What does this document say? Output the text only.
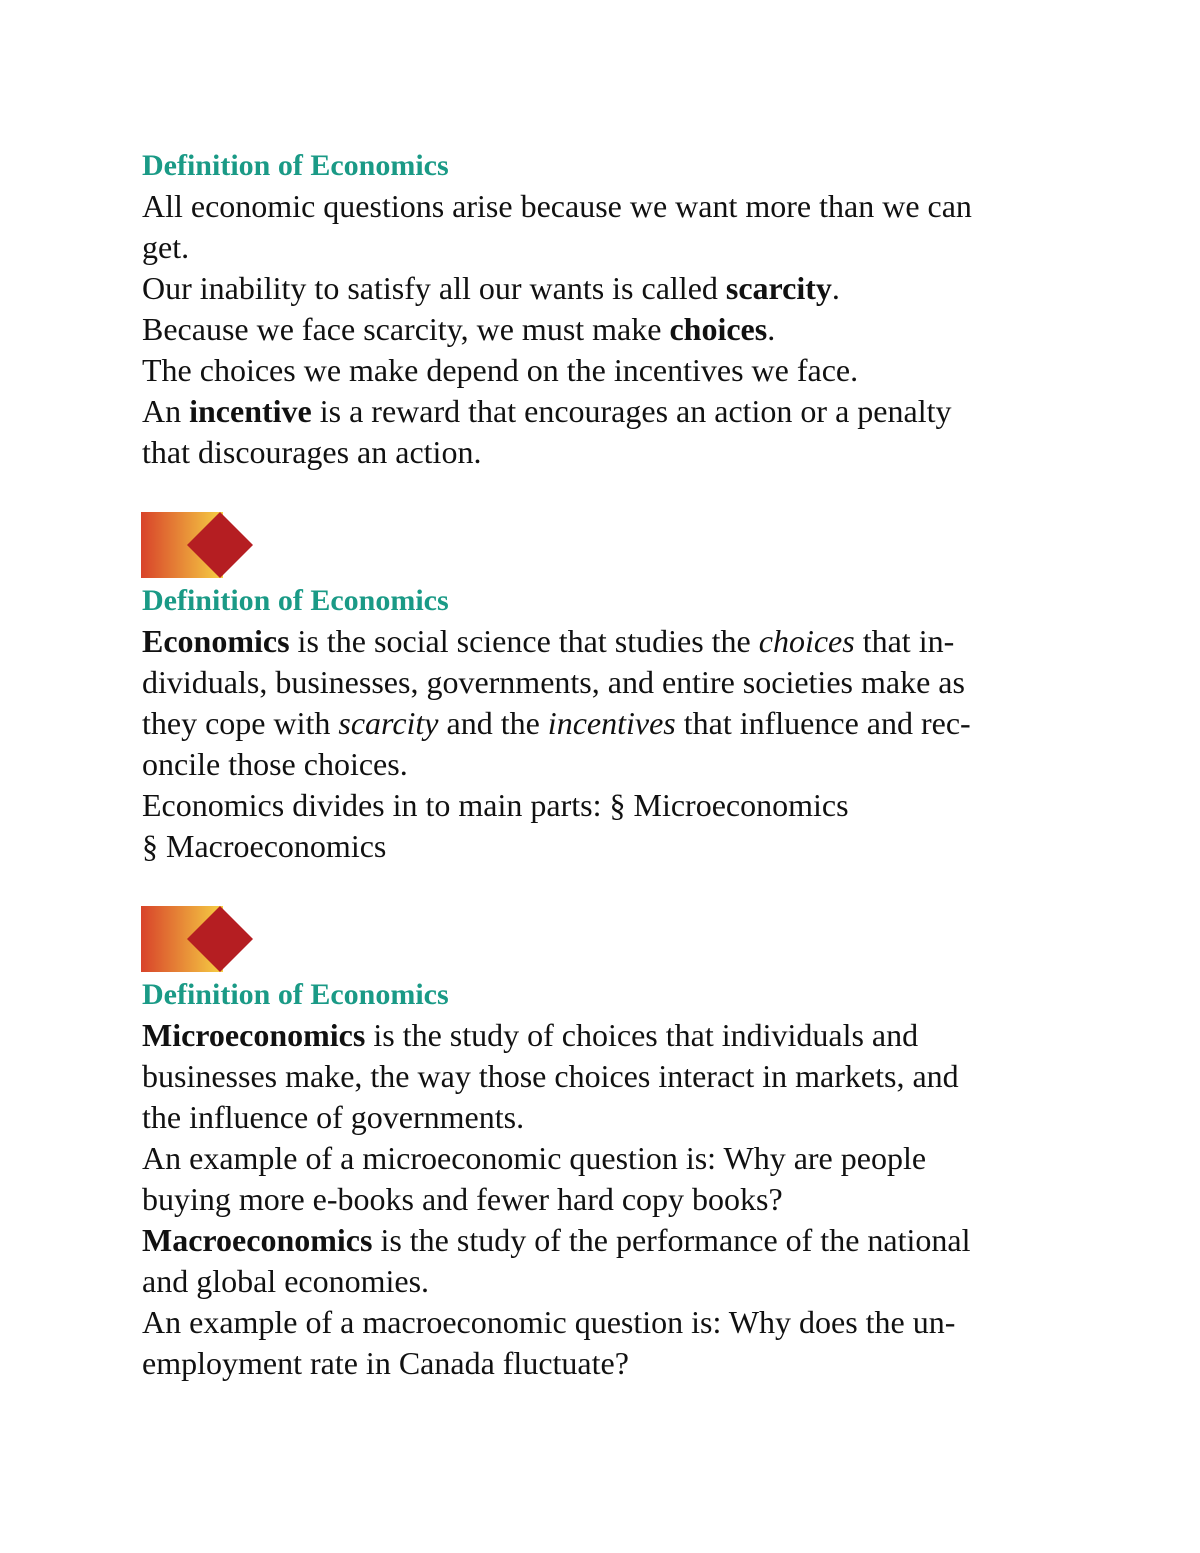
Definition of Economics

All economic questions arise because we want more than we can

get.

Our inability to satisfy all our wants is called scarcity.

Because we face scarcity, we must make choices.

The choices we make depend on the incentives we face.

An incentive is a reward that encourages an action or a penalty

that discourages an action.

Definition of Economics

Economics is the social science that studies the choices that in-

dividuals, businesses, governments, and entire societies make as

they cope with scarcity and the incentives that influence and rec-

oncile those choices.

Economics divides in to main parts: § Microeconomics

§ Macroeconomics

Definition of Economics

Microeconomics is the study of choices that individuals and

businesses make, the way those choices interact in markets, and

the influence of governments.

An example of a microeconomic question is: Why are people

buying more e-books and fewer hard copy books?

Macroeconomics is the study of the performance of the national

and global economies.

An example of a macroeconomic question is: Why does the un-

employment rate in Canada fluctuate?
